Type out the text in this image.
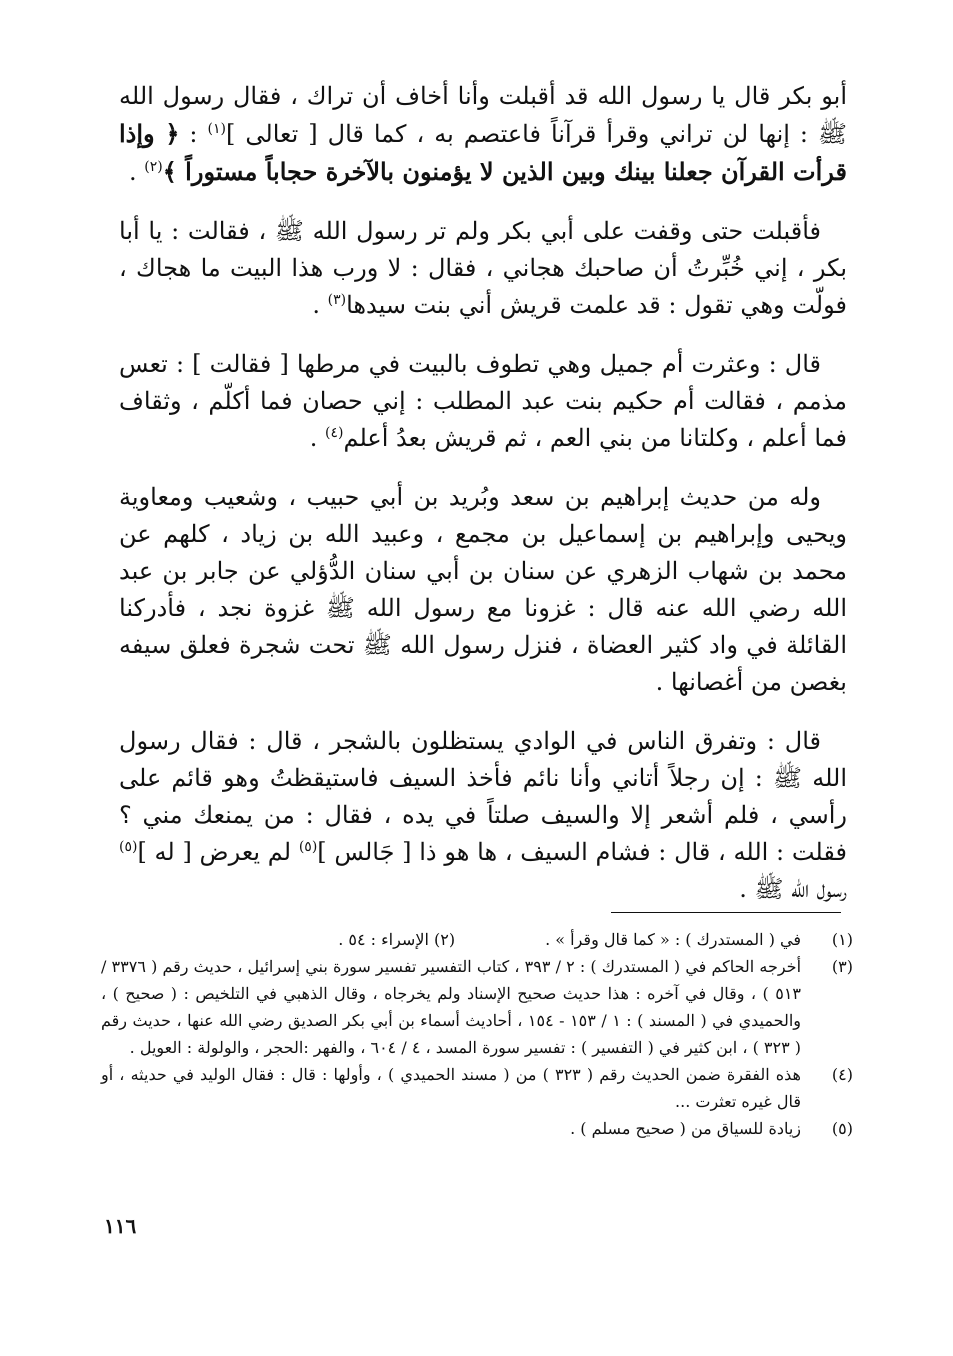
أبو بكر قال يا رسول الله قد أقبلت وأنا أخاف أن تراك ، فقال رسول الله ﷺ : إنها لن تراني وقرأ قرآناً فاعتصم به ، كما قال [ تعالى ]$^{(١)}$ : ﴿ وإذا قرأت القرآن جعلنا بينك وبين الذين لا يؤمنون بالآخرة حجاباً مستوراً ﴾$^{(٢)}$ .

فأقبلت حتى وقفت على أبي بكر ولم تر رسول الله ﷺ ، فقالت : يا أبا بكر ، إني خُبِّرتُ أن صاحبك هجاني ، فقال : لا ورب هذا البيت ما هجاك ، فولّت وهي تقول : قد علمت قريش أني بنت سيدها$^{(٣)}$ .

قال : وعثرت أم جميل وهي تطوف بالبيت في مرطها [ فقالت ] : تعس مذمم ، فقالت أم حكيم بنت عبد المطلب : إني حصان فما أكلّم ، وثقاف فما أعلم ، وكلتانا من بني العم ، ثم قريش بعدُ أعلم$^{(٤)}$ .

وله من حديث إبراهيم بن سعد وبُريد بن أبي حبيب ، وشعيب ومعاوية ويحيى وإبراهيم بن إسماعيل بن مجمع ، وعبيد الله بن زياد ، كلهم عن محمد بن شهاب الزهري عن سنان بن أبي سنان الدُّؤلي عن جابر بن عبد الله رضي الله عنه قال : غزونا مع رسول الله ﷺ غزوة نجد ، فأدركنا القائلة في واد كثير العضاة ، فنزل رسول الله ﷺ تحت شجرة فعلق سيفه بغصن من أغصانها .

قال : وتفرق الناس في الوادي يستظلون بالشجر ، قال : فقال رسول الله ﷺ : إن رجلاً أتاني وأنا نائم فأخذ السيف فاستيقظتُ وهو قائم على رأسي ، فلم أشعر إلا والسيف صلتاً في يده ، فقال : من يمنعك مني ؟ فقلت : الله ، قال : فشام السيف ، ها هو ذا [ جَالس ]$^{(٥)}$ لم يعرض [ له ]$^{(٥)}$ رسول الله ﷺ .

(١)
في ( المستدرك ) : « كما قال وقرأ » .(٢) الإسراء : ٥٤ .
(٣)
أخرجه الحاكم في ( المستدرك ) : ٢ / ٣٩٣ ، كتاب التفسير تفسير سورة بني إسرائيل ، حديث رقم ( ٣٣٧٦ / ٥١٣ ) ، وقال في آخره : هذا حديث صحيح الإسناد ولم يخرجاه ، وقال الذهبي في التلخيص : ( صحيح ) ، والحميدي في ( المسند ) : ١ / ١٥٣ - ١٥٤ ، أحاديث أسماء بن أبي بكر الصديق رضي الله عنها ، حديث رقم ( ٣٢٣ ) ، ابن كثير في ( التفسير ) : تفسير سورة المسد ، ٤ / ٦٠٤ ، والفهر :الحجر ، والولولة : العويل .
(٤)
هذه الفقرة ضمن الحديث رقم ( ٣٢٣ ) من ( مسند الحميدي ) ، وأولها : قال : فقال الوليد في حديثه ، أو قال غيره تعثرت ...
(٥)
زيادة للسياق من ( صحيح مسلم ) .
١١٦
